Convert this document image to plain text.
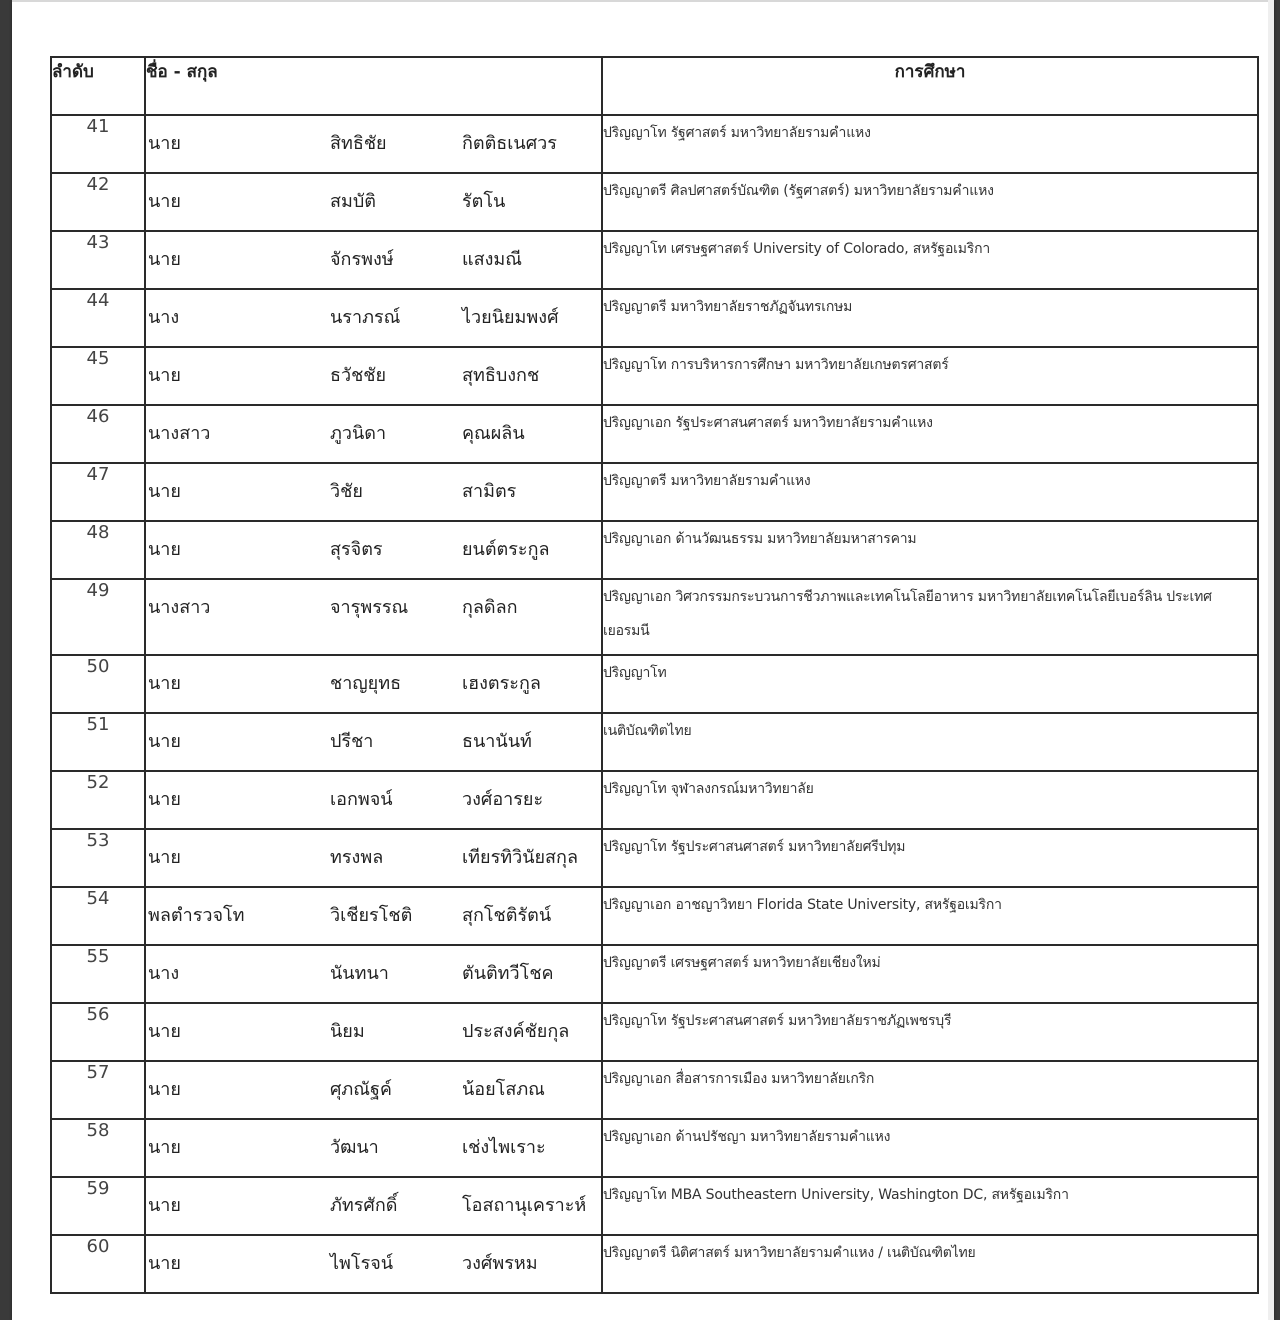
ลำดับ	ชื่อ - สกุล	การศึกษา
41	นาย สิทธิชัย กิตติธเนศวร	ปริญญาโท รัฐศาสตร์ มหาวิทยาลัยรามคำแหง
42	นาย สมบัติ รัตโน	ปริญญาตรี ศิลปศาสตร์บัณฑิต (รัฐศาสตร์) มหาวิทยาลัยรามคำแหง
43	นาย จักรพงษ์ แสงมณี	ปริญญาโท เศรษฐศาสตร์ University of Colorado, สหรัฐอเมริกา
44	นาง นราภรณ์ ไวยนิยมพงศ์	ปริญญาตรี มหาวิทยาลัยราชภัฏจันทรเกษม
45	นาย ธวัชชัย สุทธิบงกช	ปริญญาโท การบริหารการศึกษา มหาวิทยาลัยเกษตรศาสตร์
46	นางสาว ภูวนิดา คุณผลิน	ปริญญาเอก รัฐประศาสนศาสตร์ มหาวิทยาลัยรามคำแหง
47	นาย วิชัย สามิตร	ปริญญาตรี มหาวิทยาลัยรามคำแหง
48	นาย สุรจิตร ยนต์ตระกูล	ปริญญาเอก ด้านวัฒนธรรม มหาวิทยาลัยมหาสารคาม
49	นางสาว จารุพรรณ กุลดิลก	ปริญญาเอก วิศวกรรมกระบวนการชีวภาพและเทคโนโลยีอาหาร มหาวิทยาลัยเทคโนโลยีเบอร์ลิน ประเทศเยอรมนี
50	นาย ชาญยุทธ เฮงตระกูล	ปริญญาโท
51	นาย ปรีชา ธนานันท์	เนติบัณฑิตไทย
52	นาย เอกพจน์ วงศ์อารยะ	ปริญญาโท จุฬาลงกรณ์มหาวิทยาลัย
53	นาย ทรงพล เทียรทิวินัยสกุล	ปริญญาโท รัฐประศาสนศาสตร์ มหาวิทยาลัยศรีปทุม
54	พลตำรวจโท วิเชียรโชติ สุกโชติรัตน์	ปริญญาเอก อาชญาวิทยา Florida State University, สหรัฐอเมริกา
55	นาง นันทนา ตันติทวีโชค	ปริญญาตรี เศรษฐศาสตร์ มหาวิทยาลัยเชียงใหม่
56	นาย นิยม ประสงค์ชัยกุล	ปริญญาโท รัฐประศาสนศาสตร์ มหาวิทยาลัยราชภัฏเพชรบุรี
57	นาย ศุภณัฐค์ น้อยโสภณ	ปริญญาเอก สื่อสารการเมือง มหาวิทยาลัยเกริก
58	นาย วัฒนา เช่งไพเราะ	ปริญญาเอก ด้านปรัชญา มหาวิทยาลัยรามคำแหง
59	นาย ภัทรศักดิ์ โอสถานุเคราะห์	ปริญญาโท MBA Southeastern University, Washington DC, สหรัฐอเมริกา
60	นาย ไพโรจน์ วงศ์พรหม	ปริญญาตรี นิติศาสตร์ มหาวิทยาลัยรามคำแหง / เนติบัณฑิตไทย
